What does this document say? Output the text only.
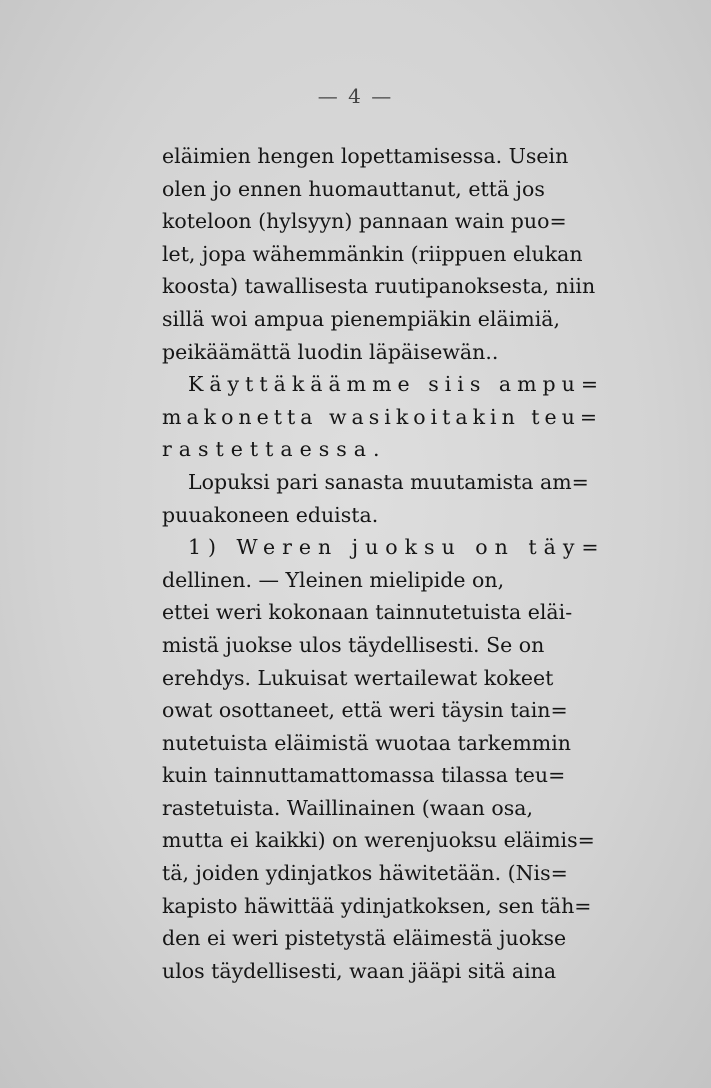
— 4 —
eläimien hengen lopettamisessa. Usein
olen jo ennen huomauttanut, että jos
koteloon (hylsyyn) pannaan wain puo=
let, jopa wähemmänkin (riippuen elukan
koosta) tawallisesta ruutipanoksesta, niin
sillä woi ampua pienempiäkin eläimiä,
peikäämättä luodin läpäisewän..
Käyttäkäämme siis ampu=
makonetta wasikoitakin teu=
rastettaessa.
Lopuksi pari sanasta muutamista am=
puuakoneen eduista.
1) Weren juoksu on täy=
dellinen. — Yleinen mielipide on,
ettei weri kokonaan tainnutetuista eläi-
mistä juokse ulos täydellisesti. Se on
erehdys. Lukuisat wertailewat kokeet
owat osottaneet, että weri täysin tain=
nutetuista eläimistä wuotaa tarkemmin
kuin tainnuttamattomassa tilassa teu=
rastetuista. Waillinainen (waan osa,
mutta ei kaikki) on werenjuoksu eläimis=
tä, joiden ydinjatkos häwitetään. (Nis=
kapisto häwittää ydinjatkoksen, sen täh=
den ei weri pistetystä eläimestä juokse
ulos täydellisesti, waan jääpi sitä aina
